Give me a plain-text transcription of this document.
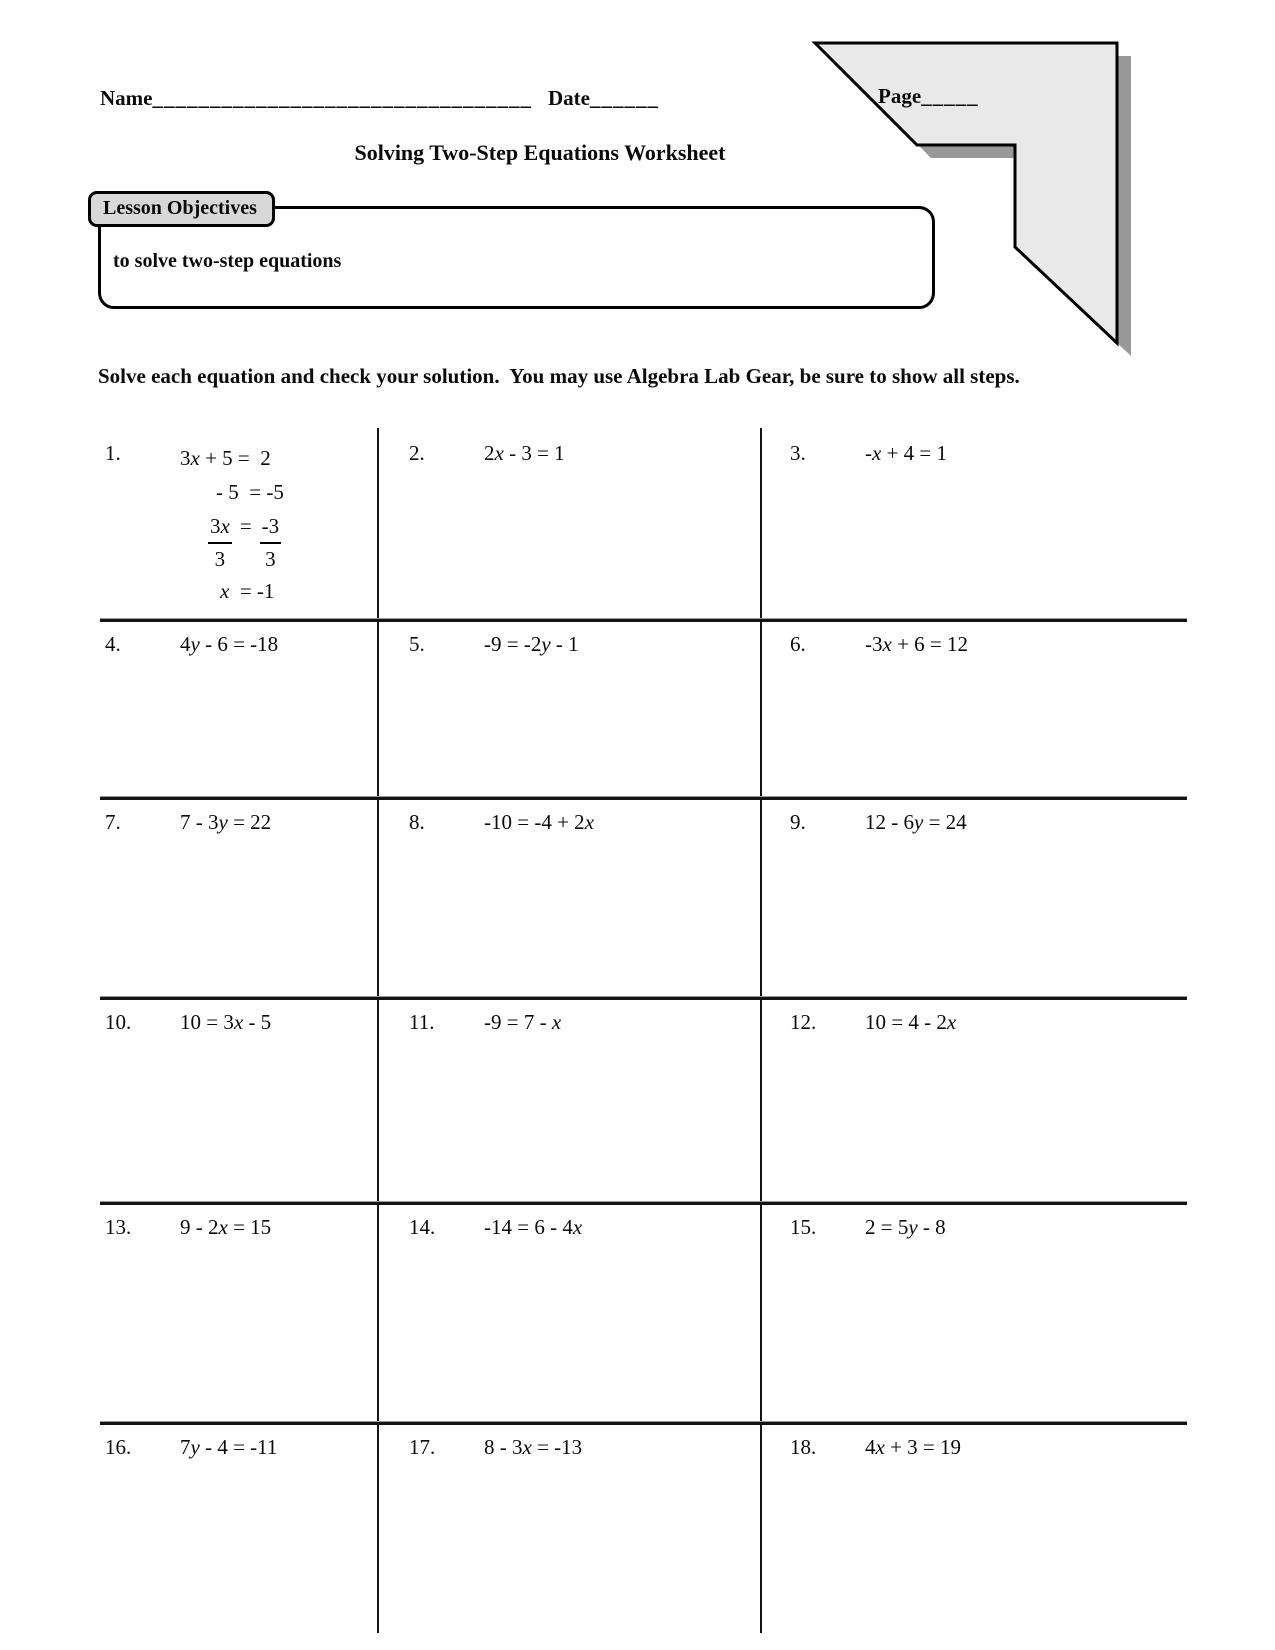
Name_________________________________ Date______	Page_____
Solving Two-Step Equations Worksheet
Lesson Objectives
to solve two-step equations
Solve each equation and check your solution.  You may use Algebra Lab Gear, be sure to show all steps.
1.	3x + 5 =  2
- 5  = -5
$\frac{3x}{3} = \frac{-3}{3}$
x  = -1
2.	2x - 3 = 1	3.	-x + 4 = 1
4.	4y - 6 = -18	5.	-9 = -2y - 1	6.	-3x + 6 = 12
7.	7 - 3y = 22	8.	-10 = -4 + 2x	9.	12 - 6y = 24
10.	10 = 3x - 5	11.	-9 = 7 - x	12.	10 = 4 - 2x
13.	9 - 2x = 15	14.	-14 = 6 - 4x	15.	2 = 5y - 8
16.	7y - 4 = -11	17.	8 - 3x = -13	18.	4x + 3 = 19
